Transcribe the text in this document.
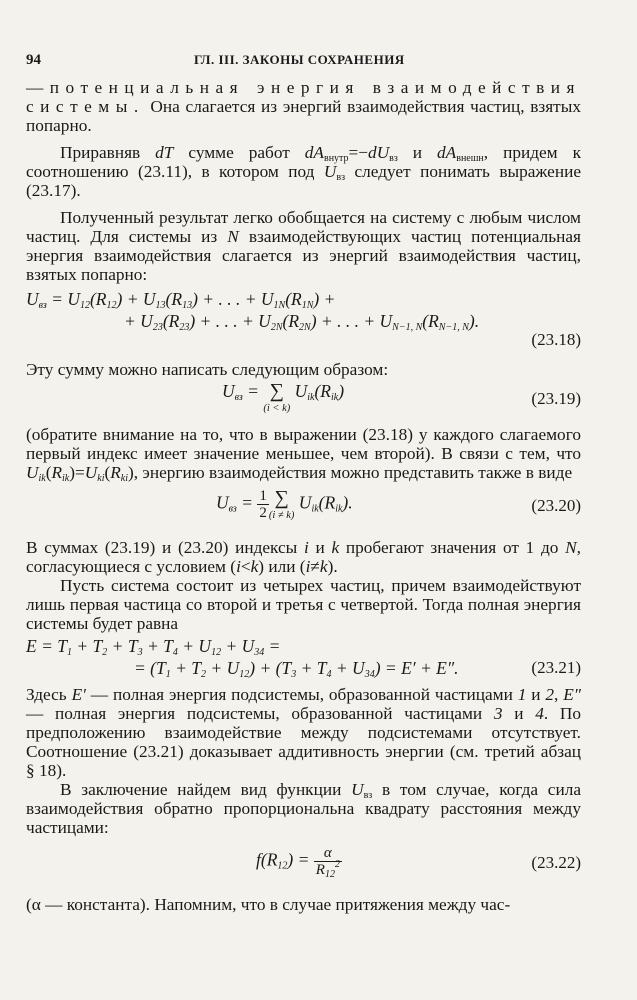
94	ГЛ. III. ЗАКОНЫ СОХРАНЕНИЯ

—потенциальная энергия взаимодействия системы. Она слагается из энергий взаимодействия частиц, взятых попарно.

Приравняв dT сумме работ $dA_{внутр}=-dU_{вз}$ и $dA_{внешн}$, придем к соотношению (23.11), в котором под $U_{вз}$ следует понимать выражение (23.17).

Полученный результат легко обобщается на систему с любым числом частиц. Для системы из N взаимодействующих частиц потенциальная энергия взаимодействия слагается из энергий взаимодействия частиц, взятых попарно:

$U_{вз} = U_{12}(R_{12}) + U_{13}(R_{13})$ + . . . + $U_{1N}(R_{1N})$ +
+ $U_{23}(R_{23})$ + . . . + $U_{2N}(R_{2N})$ + . . . + $U_{N-1, N}(R_{N-1, N})$.
(23.18)

Эту сумму можно написать следующим образом:

$U_{вз}$ = ∑
(i < k)
$U_{ik}(R_{ik})$	(23.19)

(обратите внимание на то, что в выражении (23.18) у каждого слагаемого первый индекс имеет значение меньшее, чем второй). В связи с тем, что $U_{ik}(R_{ik})=U_{ki}(R_{ki})$, энергию взаимодействия можно представить также в виде

$U_{вз} = \frac{1}{2}$ ∑
(i ≠ k)
$U_{ik}(R_{ik})$.	(23.20)

В суммах (23.19) и (23.20) индексы i и k пробегают значения от 1 до N, согласующиеся с условием (i<k) или (i≠k).

Пусть система состоит из четырех частиц, причем взаимодействуют лишь первая частица со второй и третья с четвертой. Тогда полная энергия системы будет равна

$E = T_1 + T_2 + T_3 + T_4 + U_{12} + U_{34}$ =
= $(T_1 + T_2 + U_{12}) + (T_3 + T_4 + U_{34}) = E' + E''$.	(23.21)

Здесь E′ — полная энергия подсистемы, образованной частицами 1 и 2, E″ — полная энергия подсистемы, образованной частицами 3 и 4. По предположению взаимодействие между подсистемами отсутствует. Соотношение (23.21) доказывает аддитивность энергии (см. третий абзац § 18).

В заключение найдем вид функции $U_{вз}$ в том случае, когда сила взаимодействия обратно пропорциональна квадрату расстояния между частицами:

$f(R_{12}) = \frac{\alpha}{R_{12}^2}$	(23.22)

(α — константа). Напомним, что в случае притяжения между час-
